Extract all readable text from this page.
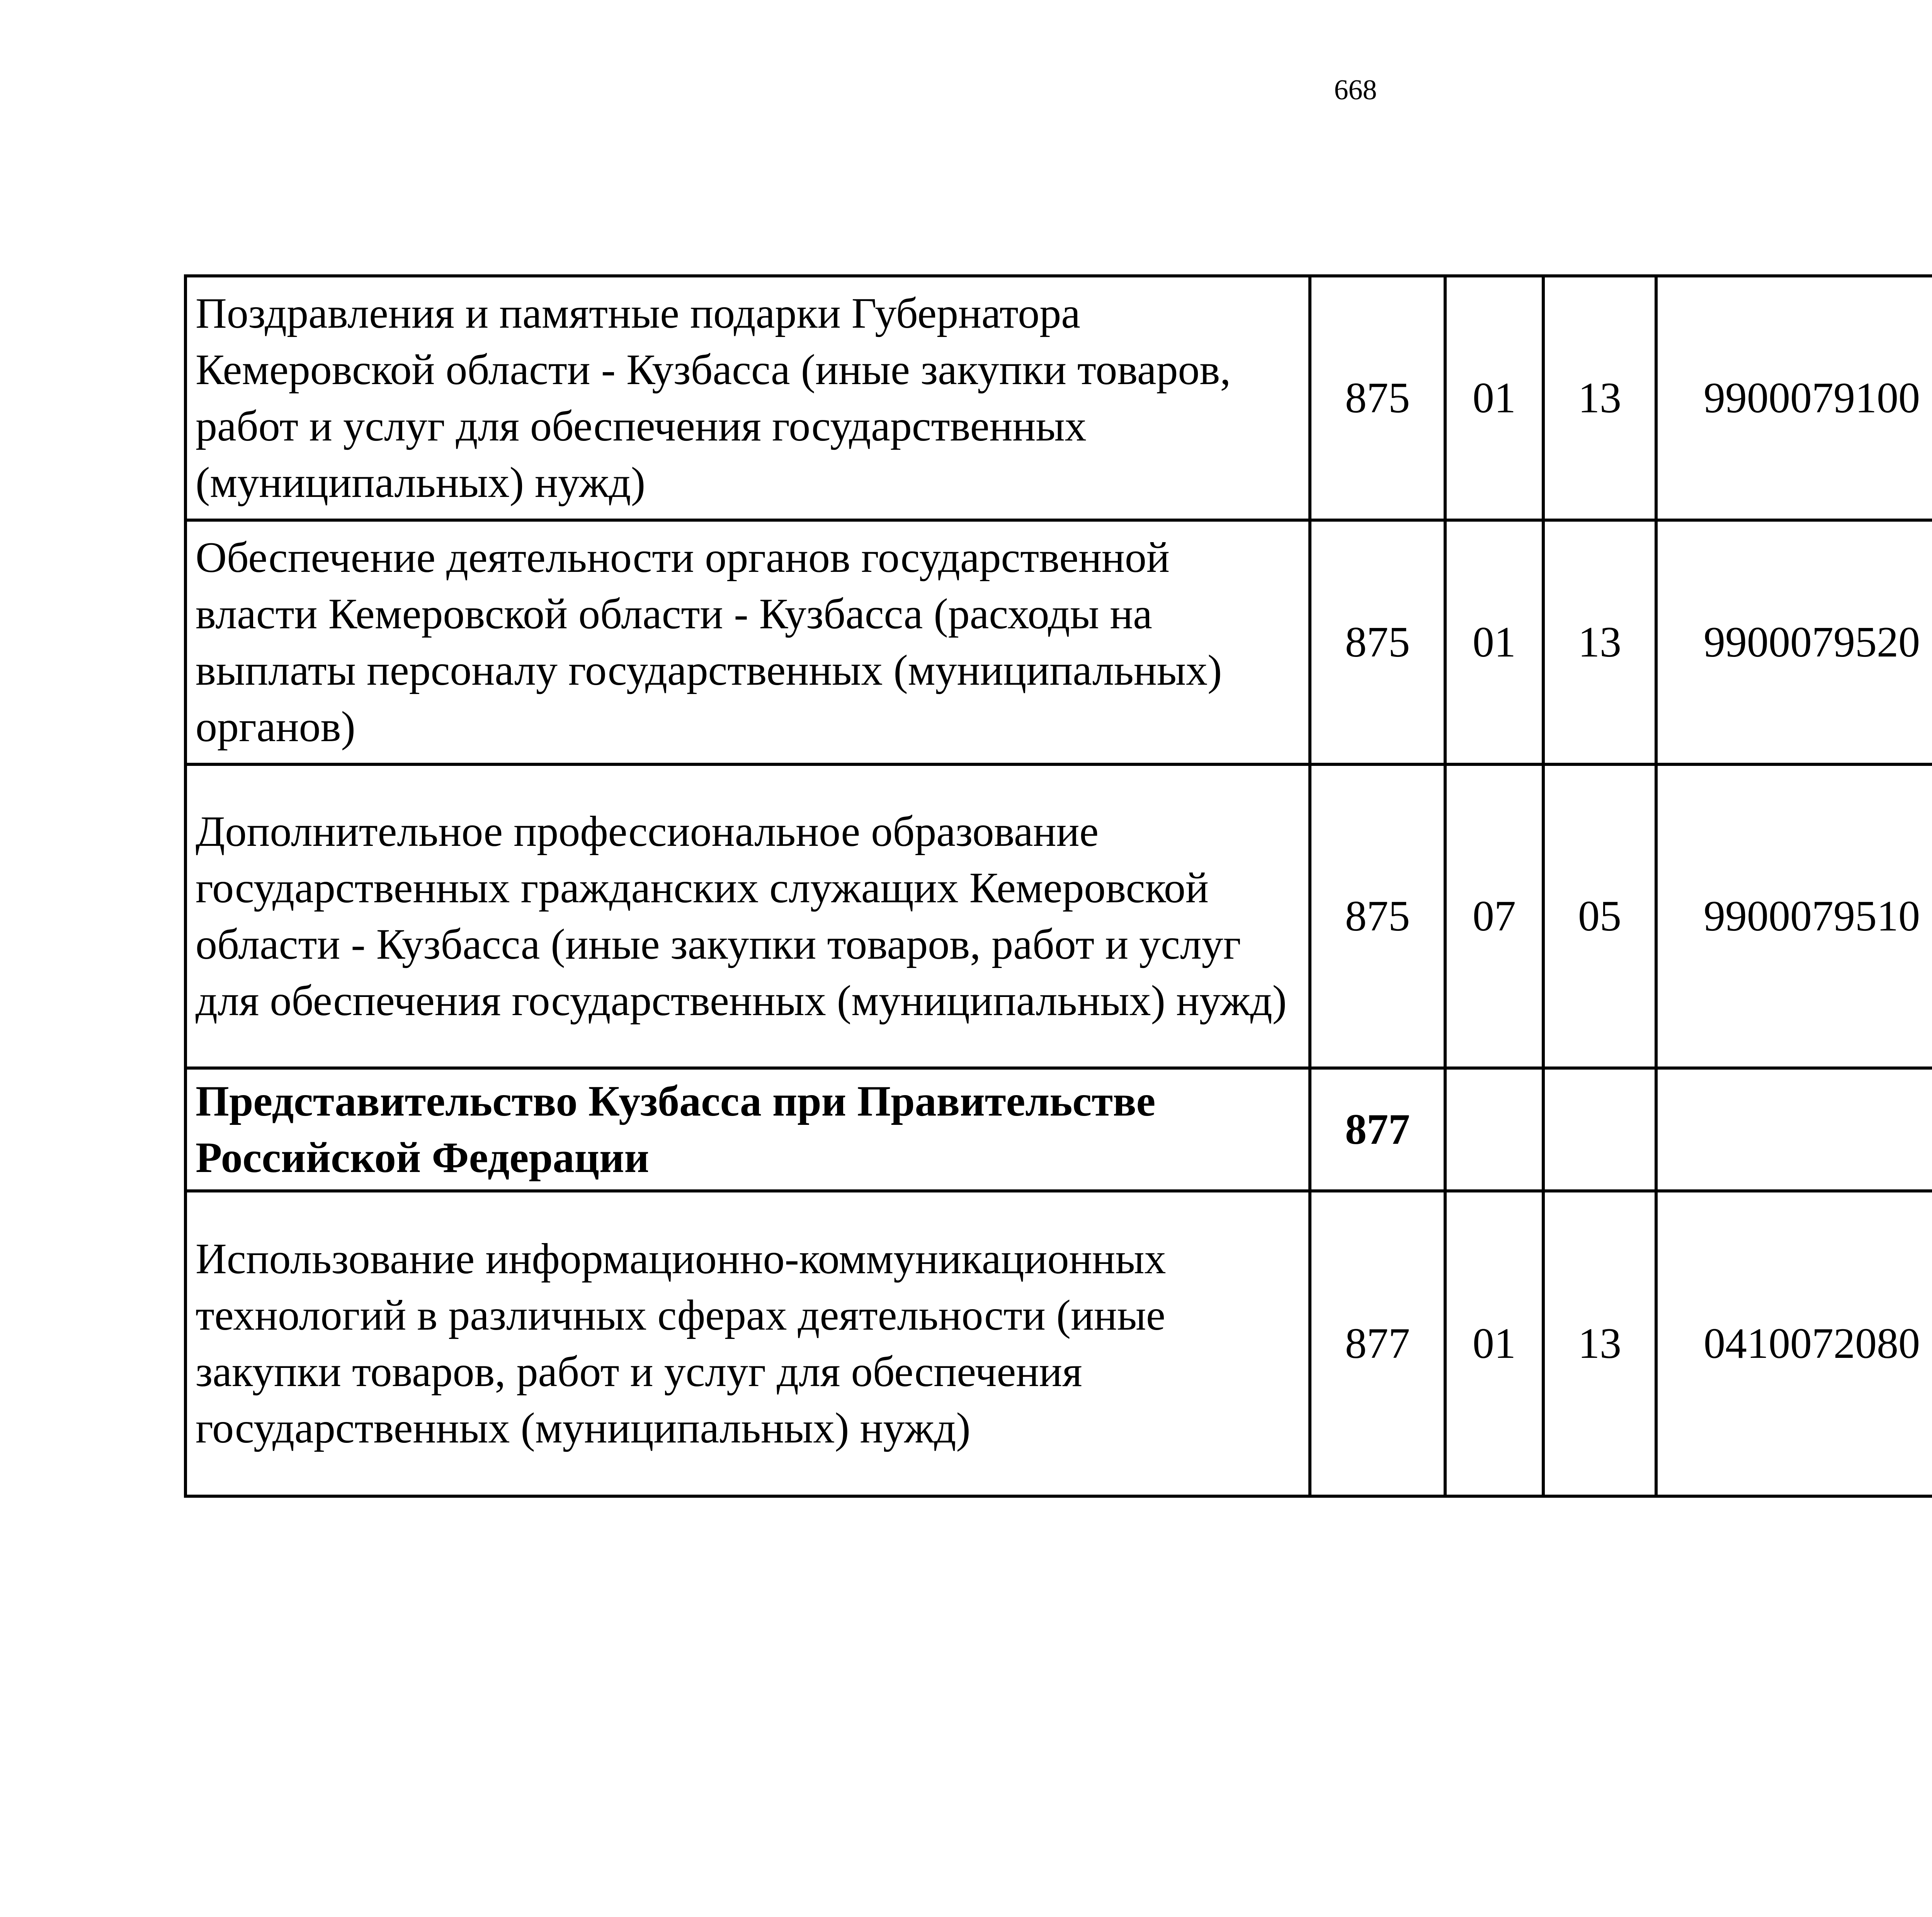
668
Поздравления и памятные подарки Губернатора Кемеровской области - Кузбасса (иные закупки товаров, работ и услуг для обеспечения государственных (муниципальных) нужд)	875	01	13	9900079100		
Обеспечение деятельности органов государственной власти Кемеровской области - Кузбасса (расходы на выплаты персоналу государственных (муниципальных) органов)	875	01	13	9900079520		
Дополнительное профессиональное образование государственных гражданских служащих Кемеровской области - Кузбасса (иные закупки товаров, работ и услуг для обеспечения государственных (муниципальных) нужд)	875	07	05	9900079510		
Представительство Кузбасса при Правительстве Российской Федерации	877					
Использование информационно-коммуникационных технологий в различных сферах деятельности (иные закупки товаров, работ и услуг для обеспечения государственных (муниципальных) нужд)	877	01	13	0410072080		
